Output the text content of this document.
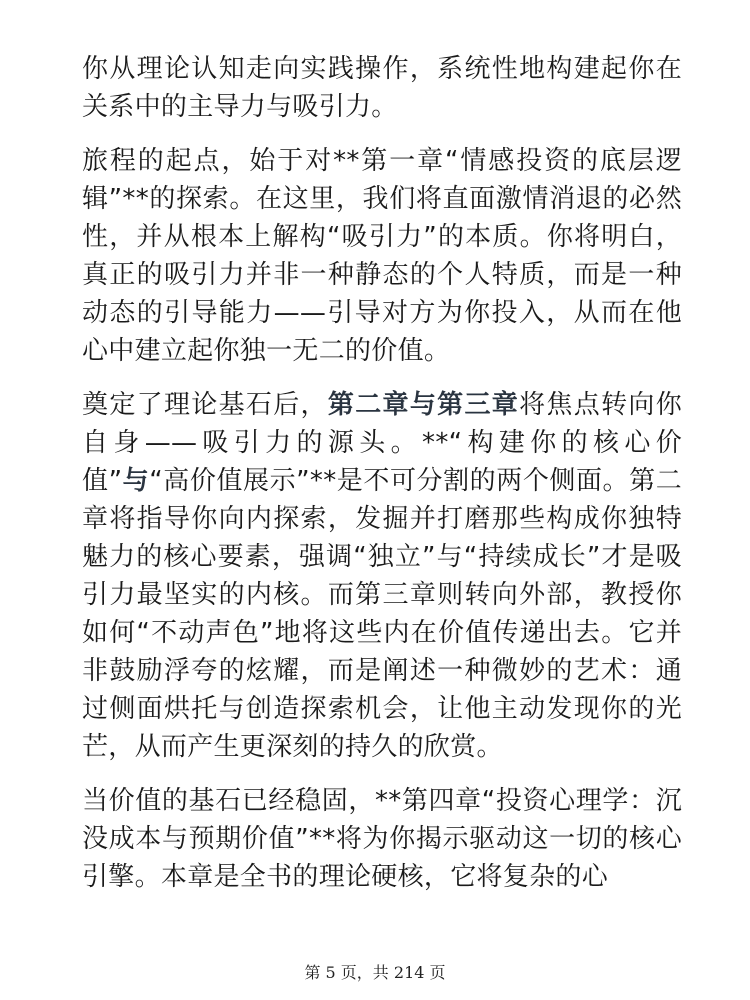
你从理论认知走向实践操作，系统性地构建起你在关系中的主导力与吸引力。

旅程的起点，始于对**第一章“情感投资的底层逻辑”**的探索。在这里，我们将直面激情消退的必然性，并从根本上解构“吸引力”的本质。你将明白，真正的吸引力并非一种静态的个人特质，而是一种动态的引导能力——引导对方为你投入，从而在他心中建立起你独一无二的价值。

奠定了理论基石后，第二章与第三章将焦点转向你自身——吸引力的源头。**“构建你的核心价值”与“高价值展示”**是不可分割的两个侧面。第二章将指导你向内探索，发掘并打磨那些构成你独特魅力的核心要素，强调“独立”与“持续成长”才是吸引力最坚实的内核。而第三章则转向外部，教授你如何“不动声色”地将这些内在价值传递出去。它并非鼓励浮夸的炫耀，而是阐述一种微妙的艺术：通过侧面烘托与创造探索机会，让他主动发现你的光芒，从而产生更深刻的持久的欣赏。

当价值的基石已经稳固，**第四章“投资心理学：沉没成本与预期价值”**将为你揭示驱动这一切的核心引擎。本章是全书的理论硬核，它将复杂的心

第 5 页，共 214 页
